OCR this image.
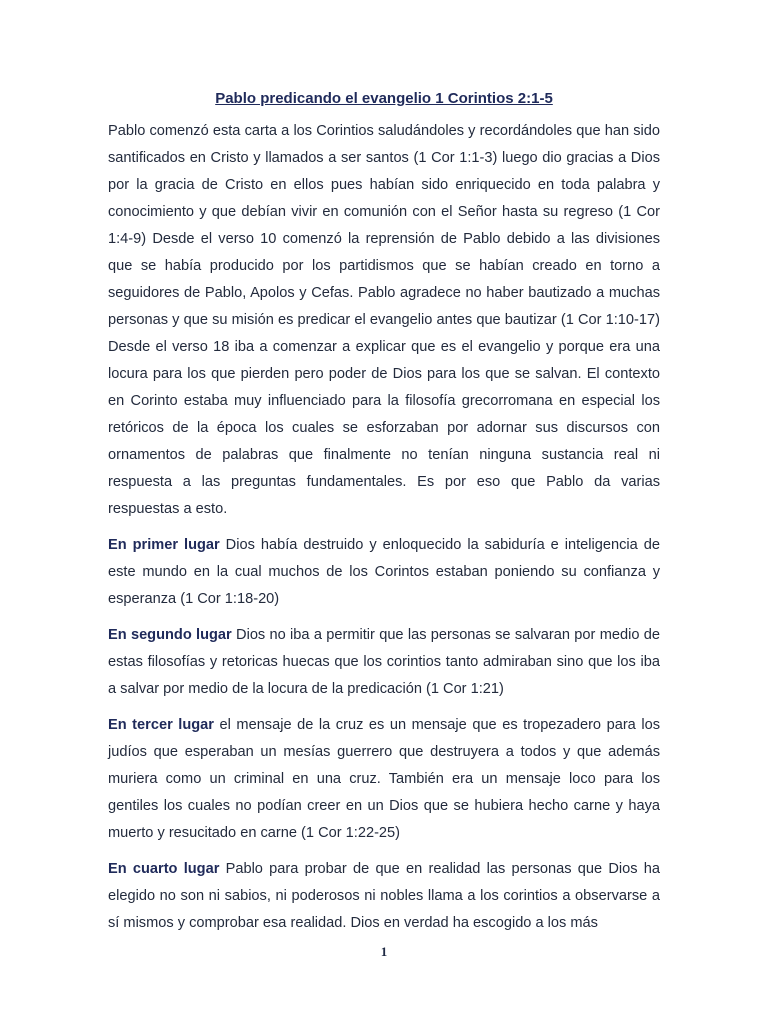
Pablo predicando el evangelio 1 Corintios 2:1-5

Pablo comenzó esta carta a los Corintios saludándoles y recordándoles que han sido santificados en Cristo y llamados a ser santos (1 Cor 1:1-3) luego dio gracias a Dios por la gracia de Cristo en ellos pues habían sido enriquecido en toda palabra y conocimiento y que debían vivir en comunión con el Señor hasta su regreso (1 Cor 1:4-9) Desde el verso 10 comenzó la reprensión de Pablo debido a las divisiones que se había producido por los partidismos que se habían creado en torno a seguidores de Pablo, Apolos y Cefas. Pablo agradece no haber bautizado a muchas personas y que su misión es predicar el evangelio antes que bautizar (1 Cor 1:10-17) Desde el verso 18 iba a comenzar a explicar que es el evangelio y porque era una locura para los que pierden pero poder de Dios para los que se salvan. El contexto en Corinto estaba muy influenciado para la filosofía grecorromana en especial los retóricos de la época los cuales se esforzaban por adornar sus discursos con ornamentos de palabras que finalmente no tenían ninguna sustancia real ni respuesta a las preguntas fundamentales. Es por eso que Pablo da varias respuestas a esto.

En primer lugar Dios había destruido y enloquecido la sabiduría e inteligencia de este mundo en la cual muchos de los Corintos estaban poniendo su confianza y esperanza (1 Cor 1:18-20)

En segundo lugar Dios no iba a permitir que las personas se salvaran por medio de estas filosofías y retoricas huecas que los corintios tanto admiraban sino que los iba a salvar por medio de la locura de la predicación (1 Cor 1:21)

En tercer lugar el mensaje de la cruz es un mensaje que es tropezadero para los judíos que esperaban un mesías guerrero que destruyera a todos y que además muriera como un criminal en una cruz. También era un mensaje loco para los gentiles los cuales no podían creer en un Dios que se hubiera hecho carne y haya muerto y resucitado en carne (1 Cor 1:22-25)

En cuarto lugar Pablo para probar de que en realidad las personas que Dios ha elegido no son ni sabios, ni poderosos ni nobles llama a los corintios a observarse a sí mismos y comprobar esa realidad. Dios en verdad ha escogido a los más

1
